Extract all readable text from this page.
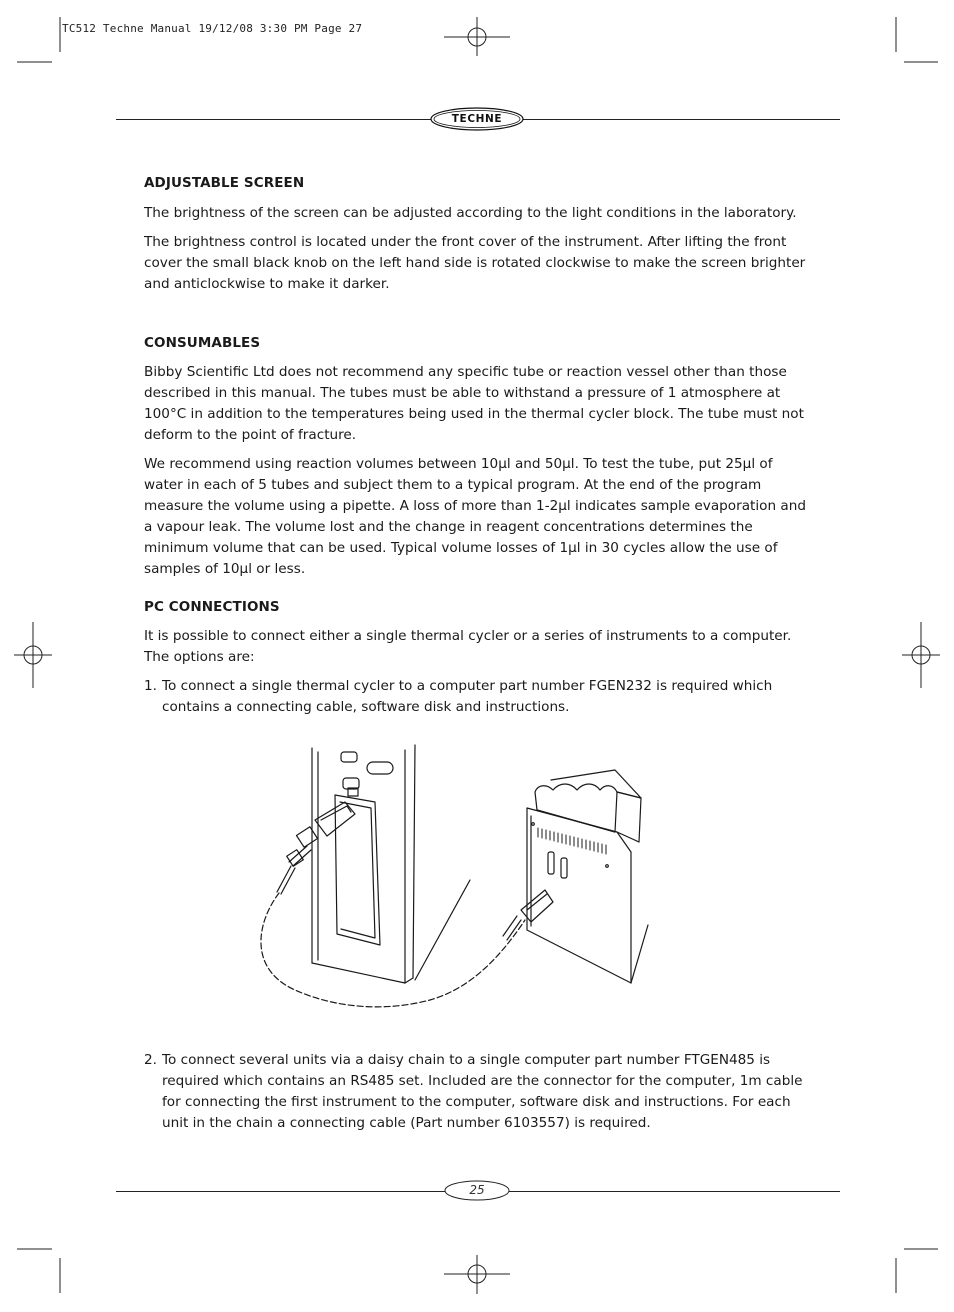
TC512 Techne Manual 19/12/08 3:30 PM Page 27
TECHNE
ADJUSTABLE SCREEN
The brightness of the screen can be adjusted according to the light conditions in the laboratory.
The brightness control is located under the front cover of the instrument. After lifting the front cover the small black knob on the left hand side is rotated clockwise to make the screen brighter and anticlockwise to make it darker.
CONSUMABLES
Bibby Scientific Ltd does not recommend any specific tube or reaction vessel other than those described in this manual. The tubes must be able to withstand a pressure of 1 atmosphere at 100°C in addition to the temperatures being used in the thermal cycler block. The tube must not deform to the point of fracture.
We recommend using reaction volumes between 10µl and 50µl. To test the tube, put 25µl of water in each of 5 tubes and subject them to a typical program. At the end of the program measure the volume using a pipette. A loss of more than 1-2µl indicates sample evaporation and a vapour leak. The volume lost and the change in reagent concentrations determines the minimum volume that can be used. Typical volume losses of 1µl in 30 cycles allow the use of samples of 10µl or less.
PC CONNECTIONS
It is possible to connect either a single thermal cycler or a series of instruments to a computer. The options are:
1. To connect a single thermal cycler to a computer part number FGEN232 is required which contains a connecting cable, software disk and instructions.
2. To connect several units via a daisy chain to a single computer part number FTGEN485 is required which contains an RS485 set. Included are the connector for the computer, 1m cable for connecting the first instrument to the computer, software disk and instructions. For each unit in the chain a connecting cable (Part number 6103557) is required.
25
